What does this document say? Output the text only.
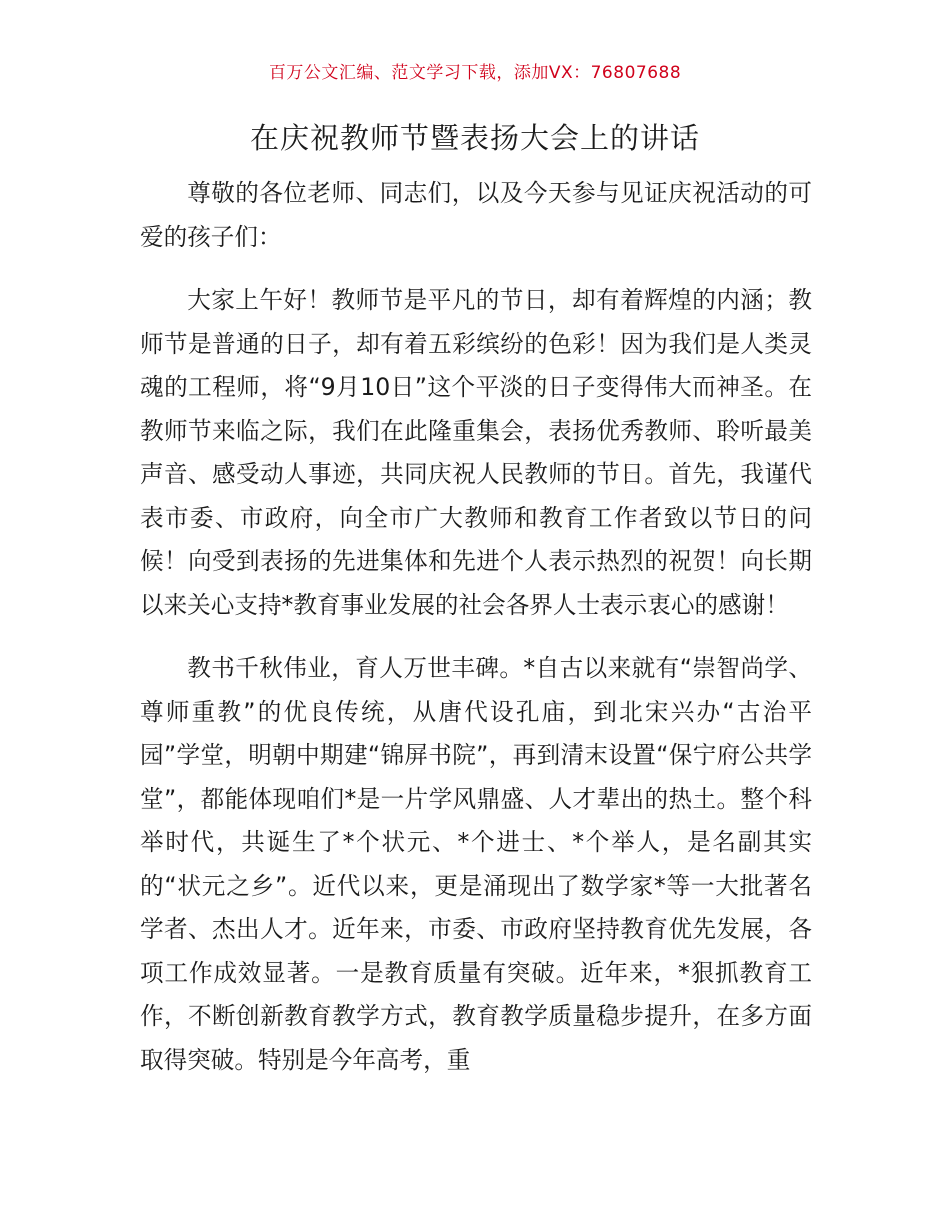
百万公文汇编、范文学习下载，添加VX：76807688
在庆祝教师节暨表扬大会上的讲话

尊敬的各位老师、同志们，以及今天参与见证庆祝活动的可爱的孩子们：

大家上午好！教师节是平凡的节日，却有着辉煌的内涵；教师节是普通的日子，却有着五彩缤纷的色彩！因为我们是人类灵魂的工程师，将“9月10日”这个平淡的日子变得伟大而神圣。在教师节来临之际，我们在此隆重集会，表扬优秀教师、聆听最美声音、感受动人事迹，共同庆祝人民教师的节日。首先，我谨代表市委、市政府，向全市广大教师和教育工作者致以节日的问候！向受到表扬的先进集体和先进个人表示热烈的祝贺！向长期以来关心支持*教育事业发展的社会各界人士表示衷心的感谢！

教书千秋伟业，育人万世丰碑。*自古以来就有“崇智尚学、尊师重教”的优良传统，从唐代设孔庙，到北宋兴办“古治平园”学堂，明朝中期建“锦屏书院”，再到清末设置“保宁府公共学堂”，都能体现咱们*是一片学风鼎盛、人才辈出的热土。整个科举时代，共诞生了*个状元、*个进士、*个举人，是名副其实的“状元之乡”。近代以来，更是涌现出了数学家*等一大批著名学者、杰出人才。近年来，市委、市政府坚持教育优先发展，各项工作成效显著。一是教育质量有突破。近年来，*狠抓教育工作，不断创新教育教学方式，教育教学质量稳步提升，在多方面取得突破。特别是今年高考，重
